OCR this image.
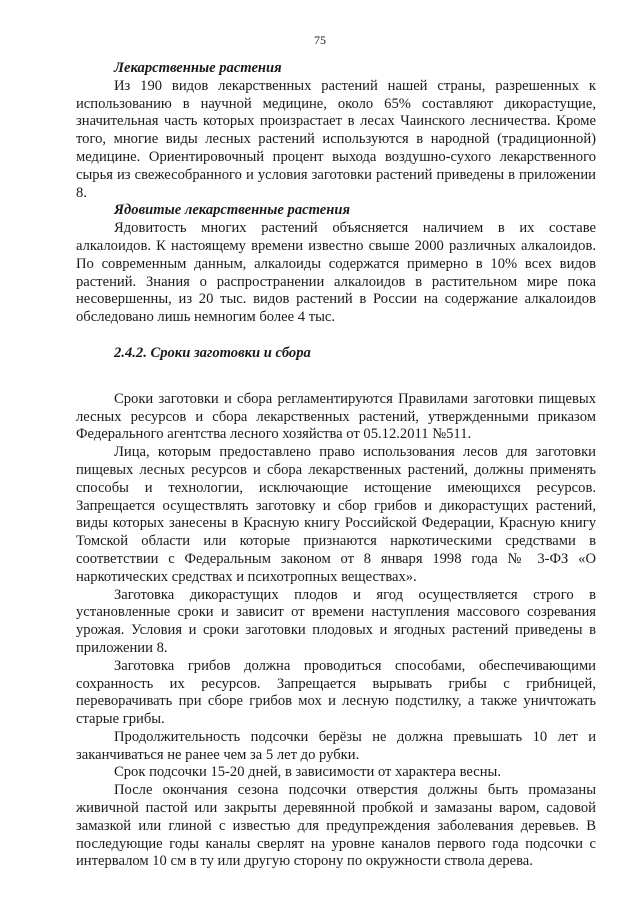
75

Лекарственные растения

Из 190 видов лекарственных растений нашей страны, разрешенных к использованию в научной медицине, около 65% составляют дикорастущие, значительная часть которых произрастает в лесах Чаинского лесничества. Кроме того, многие виды лесных растений используются в народной (традиционной) медицине. Ориентировочный процент выхода воздушно-сухого лекарственного сырья из свежесобранного и условия заготовки растений приведены в приложении 8.

Ядовитые лекарственные растения

Ядовитость многих растений объясняется наличием в их составе алкалоидов. К настоящему времени известно свыше 2000 различных алкалоидов. По современным данным, алкалоиды содержатся примерно в 10% всех видов растений. Знания о распространении алкалоидов в растительном мире пока несовершенны, из 20 тыс. видов растений в России на содержание алкалоидов обследовано лишь немногим более 4 тыс.

2.4.2. Сроки заготовки и сбора

Сроки заготовки и сбора регламентируются Правилами заготовки пищевых лесных ресурсов и сбора лекарственных растений, утвержденными приказом Федерального агентства лесного хозяйства от 05.12.2011 №511.

Лица, которым предоставлено право использования лесов для заготовки пищевых лесных ресурсов и сбора лекарственных растений, должны применять способы и технологии, исключающие истощение имеющихся ресурсов. Запрещается осуществлять заготовку и сбор грибов и дикорастущих растений, виды которых занесены в Красную книгу Российской Федерации, Красную книгу Томской области или которые признаются наркотическими средствами в соответствии с Федеральным законом от 8 января 1998 года № 3-ФЗ «О наркотических средствах и психотропных веществах».

Заготовка дикорастущих плодов и ягод осуществляется строго в установленные сроки и зависит от времени наступления массового созревания урожая. Условия и сроки заготовки плодовых и ягодных растений приведены в приложении 8.

Заготовка грибов должна проводиться способами, обеспечивающими сохранность их ресурсов. Запрещается вырывать грибы с грибницей, переворачивать при сборе грибов мох и лесную подстилку, а также уничтожать старые грибы.

Продолжительность подсочки берёзы не должна превышать 10 лет и заканчиваться не ранее чем за 5 лет до рубки.

Срок подсочки 15-20 дней, в зависимости от характера весны.

После окончания сезона подсочки отверстия должны быть промазаны живичной пастой или закрыты деревянной пробкой и замазаны варом, садовой замазкой или глиной с известью для предупреждения заболевания деревьев. В последующие годы каналы сверлят на уровне каналов первого года подсочки с интервалом 10 см в ту или другую сторону по окружности ствола дерева.
